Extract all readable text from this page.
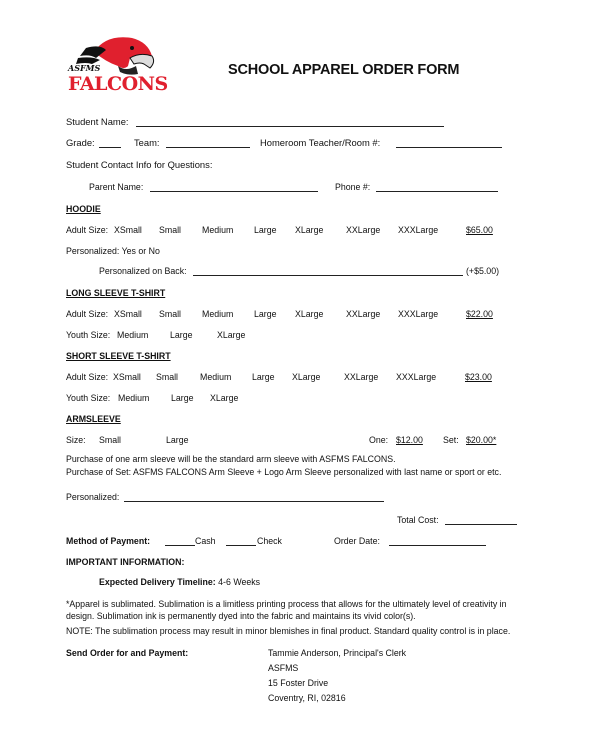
ASFMS
FALCONS
SCHOOL APPAREL ORDER FORM
Student Name:
Grade:	Team:	Homeroom Teacher/Room #:
Student Contact Info for Questions:
Parent Name:	Phone #:
HOODIE
Adult Size: XSmall Small Medium Large XLarge	XXLarge XXXLarge	$65.00
Personalized: Yes or No
Personalized on Back:	(+$5.00)
LONG SLEEVE T-SHIRT
Adult Size: XSmall Small Medium Large XLarge	XXLarge XXXLarge	$22.00
Youth Size: Medium Large	XLarge
SHORT SLEEVE T-SHIRT
Adult Size: XSmall Small	Medium Large XLarge	XXLarge XXXLarge	$23.00
Youth Size: Medium Large XLarge
ARMSLEEVE
Size: Small	Large	One: $12.00 Set: $20.00*
Purchase of one arm sleeve will be the standard arm sleeve with ASFMS FALCONS.
Purchase of Set: ASFMS FALCONS Arm Sleeve + Logo Arm Sleeve personalized with last name or sport or etc.
Personalized:
Total Cost:
Method of Payment:	Cash	Check	Order Date:
IMPORTANT INFORMATION:
Expected Delivery Timeline: 4-6 Weeks
*Apparel is sublimated. Sublimation is a limitless printing process that allows for the ultimately level of creativity in
design. Sublimation ink is permanently dyed into the fabric and maintains its vivid color(s).
NOTE: The sublimation process may result in minor blemishes in final product. Standard quality control is in place.
Send Order for and Payment:	Tammie Anderson, Principal's Clerk
ASFMS
15 Foster Drive
Coventry, RI, 02816
